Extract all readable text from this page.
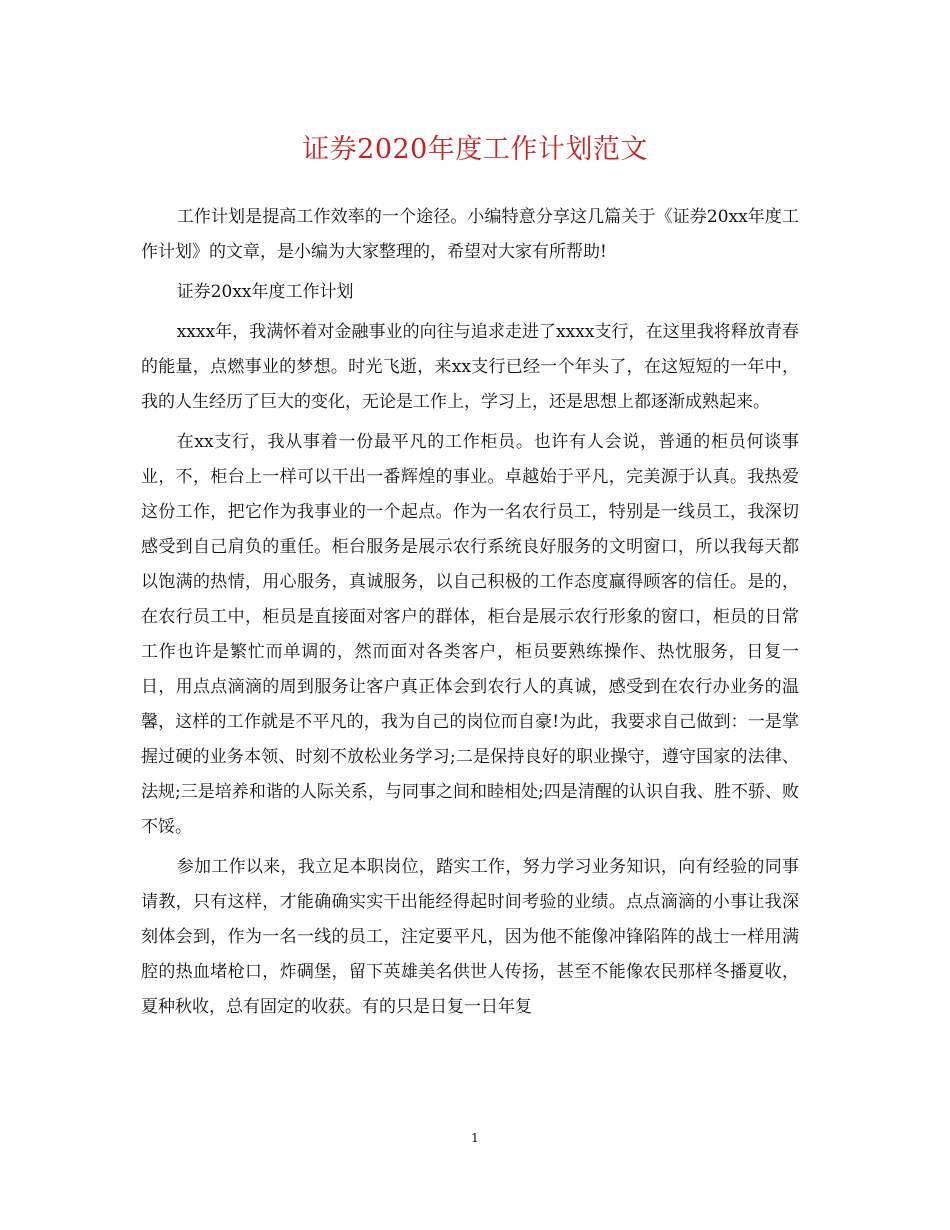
证券2020年度工作计划范文

工作计划是提高工作效率的一个途径。小编特意分享这几篇关于《证券20xx年度工作计划》的文章，是小编为大家整理的，希望对大家有所帮助!

证券20xx年度工作计划

xxxx年，我满怀着对金融事业的向往与追求走进了xxxx支行，在这里我将释放青春的能量，点燃事业的梦想。时光飞逝，来xx支行已经一个年头了，在这短短的一年中，我的人生经历了巨大的变化，无论是工作上，学习上，还是思想上都逐渐成熟起来。

在xx支行，我从事着一份最平凡的工作柜员。也许有人会说，普通的柜员何谈事业，不，柜台上一样可以干出一番辉煌的事业。卓越始于平凡，完美源于认真。我热爱这份工作，把它作为我事业的一个起点。作为一名农行员工，特别是一线员工，我深切感受到自己肩负的重任。柜台服务是展示农行系统良好服务的文明窗口，所以我每天都以饱满的热情，用心服务，真诚服务，以自己积极的工作态度赢得顾客的信任。是的，在农行员工中，柜员是直接面对客户的群体，柜台是展示农行形象的窗口，柜员的日常工作也许是繁忙而单调的，然而面对各类客户，柜员要熟练操作、热忱服务，日复一日，用点点滴滴的周到服务让客户真正体会到农行人的真诚，感受到在农行办业务的温馨，这样的工作就是不平凡的，我为自己的岗位而自豪!为此，我要求自己做到：一是掌握过硬的业务本领、时刻不放松业务学习;二是保持良好的职业操守，遵守国家的法律、法规;三是培养和谐的人际关系，与同事之间和睦相处;四是清醒的认识自我、胜不骄、败不馁。

参加工作以来，我立足本职岗位，踏实工作，努力学习业务知识，向有经验的同事请教，只有这样，才能确确实实干出能经得起时间考验的业绩。点点滴滴的小事让我深刻体会到，作为一名一线的员工，注定要平凡，因为他不能像冲锋陷阵的战士一样用满腔的热血堵枪口，炸碉堡，留下英雄美名供世人传扬，甚至不能像农民那样冬播夏收，夏种秋收，总有固定的收获。有的只是日复一日年复

1
